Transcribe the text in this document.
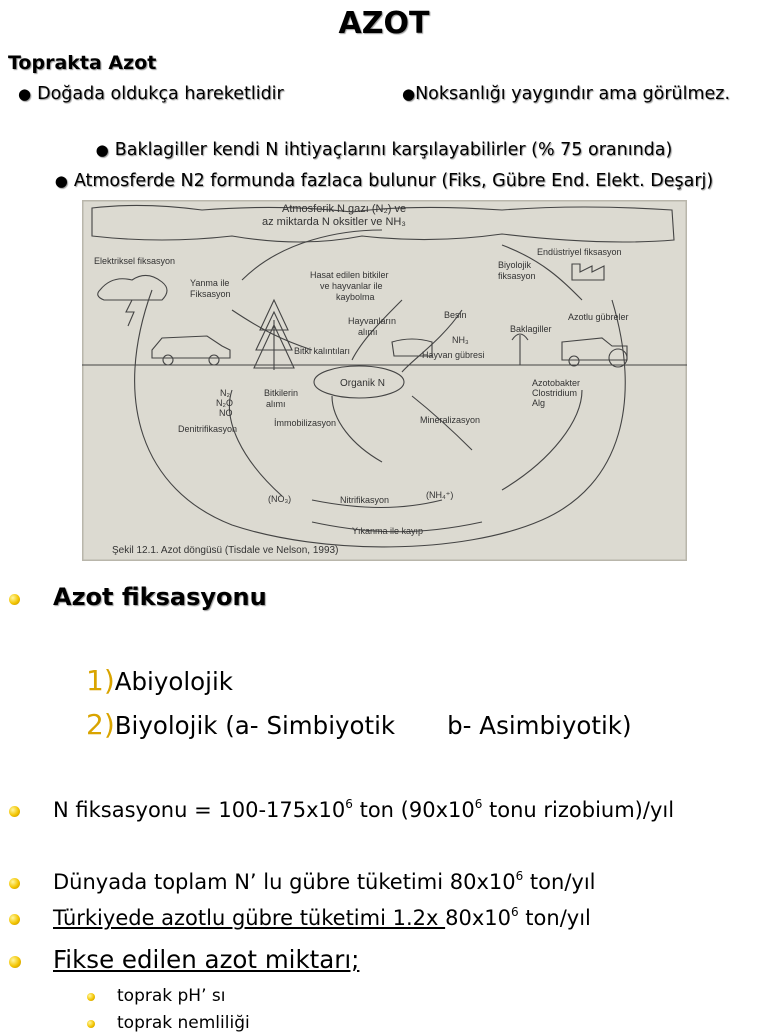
AZOT
Toprakta Azot
● Doğada oldukça hareketlidir	●Noksanlığı yaygındır ama görülmez.
● Baklagiller kendi N ihtiyaçlarını karşılayabilirler (% 75 oranında)
● Atmosferde N2 formunda fazlaca bulunur (Fiks, Gübre End. Elekt. Deşarj)
Atmosferik N gazı (N₂) ve
az miktarda N oksitler ve NH₃
Elektriksel fiksasyon
Endüstriyel fiksasyon
Biyolojik
fiksasyon
Yanma ile
Fiksasyon
Hasat edilen bitkiler
ve hayvanlar ile
kaybolma
Hayvanların
alımı
Besin
NH₃
Baklagiller
Azotlu gübreler
Bitki kalıntıları	Hayvan gübresi
Organik N
N₂
N₂O
NO
Bitkilerin
alımı
Azotobakter
Clostridium
Alg
Denitrifikasyon
İmmobilizasyon	Mineralizasyon
(NO₃)	Nitrifikasyon	(NH₄⁺)
Yıkanma ile kayıp
Şekil 12.1. Azot döngüsü (Tisdale ve Nelson, 1993)
Azot fiksasyonu
1)Abiyolojik
2)Biyolojik (a- Simbiyotik b- Asimbiyotik)
N fiksasyonu = $100-175x10^6$ ton ($90x10^6$ tonu rizobium)/yıl
Dünyada toplam N’ lu gübre tüketimi $80x10^6$ ton/yıl
Türkiyede azotlu gübre tüketimi 1.2x $80x10^6$ ton/yıl
Fikse edilen azot miktarı;
toprak pH’ sı
toprak nemliliği
